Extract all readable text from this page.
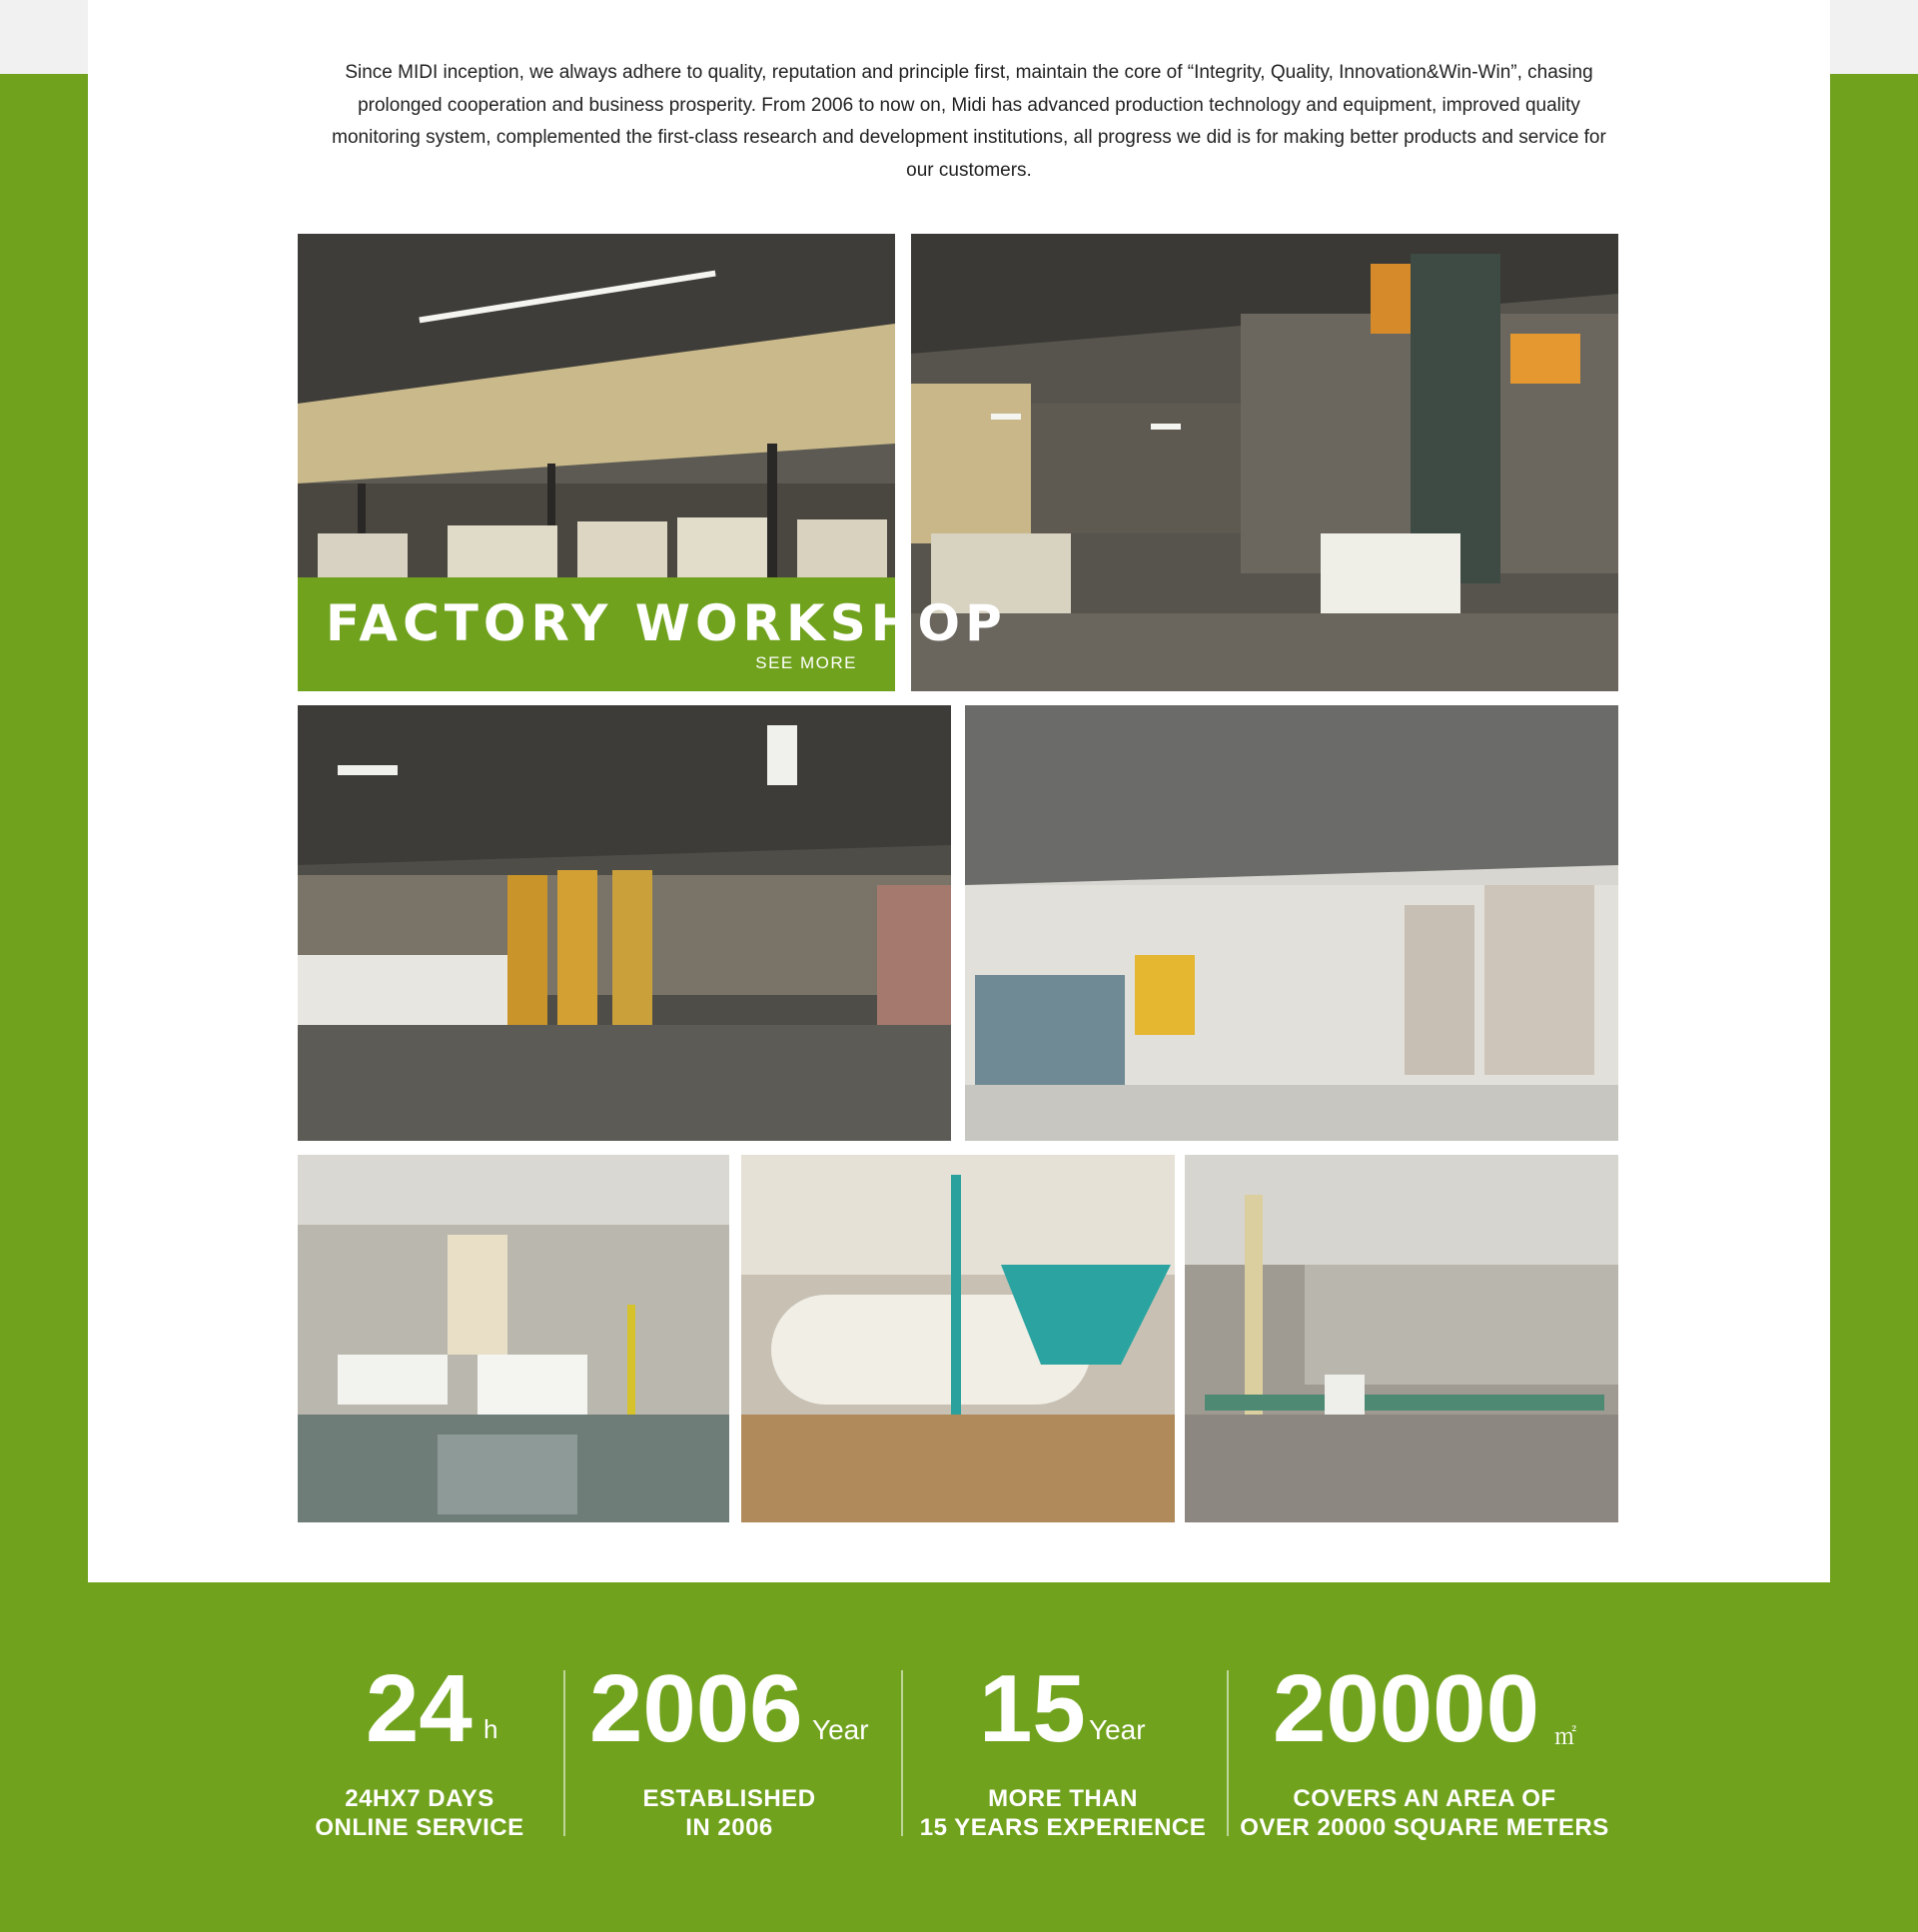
Since MIDI inception, we always adhere to quality, reputation and principle first, maintain the core of “Integrity, Quality, Innovation&Win-Win”, chasing prolonged cooperation and business prosperity. From 2006 to now on, Midi has advanced production technology and equipment, improved quality monitoring system, complemented the first-class research and development institutions, all progress we did is for making better products and service for our customers.

FACTORY WORKSHOP
SEE MORE
24 h 2006 Year 15 Year 20000 ㎡
24HX7 DAYS
ONLINE SERVICE
ESTABLISHED
IN 2006
MORE THAN
15 YEARS EXPERIENCE
COVERS AN AREA OF
OVER 20000 SQUARE METERS
